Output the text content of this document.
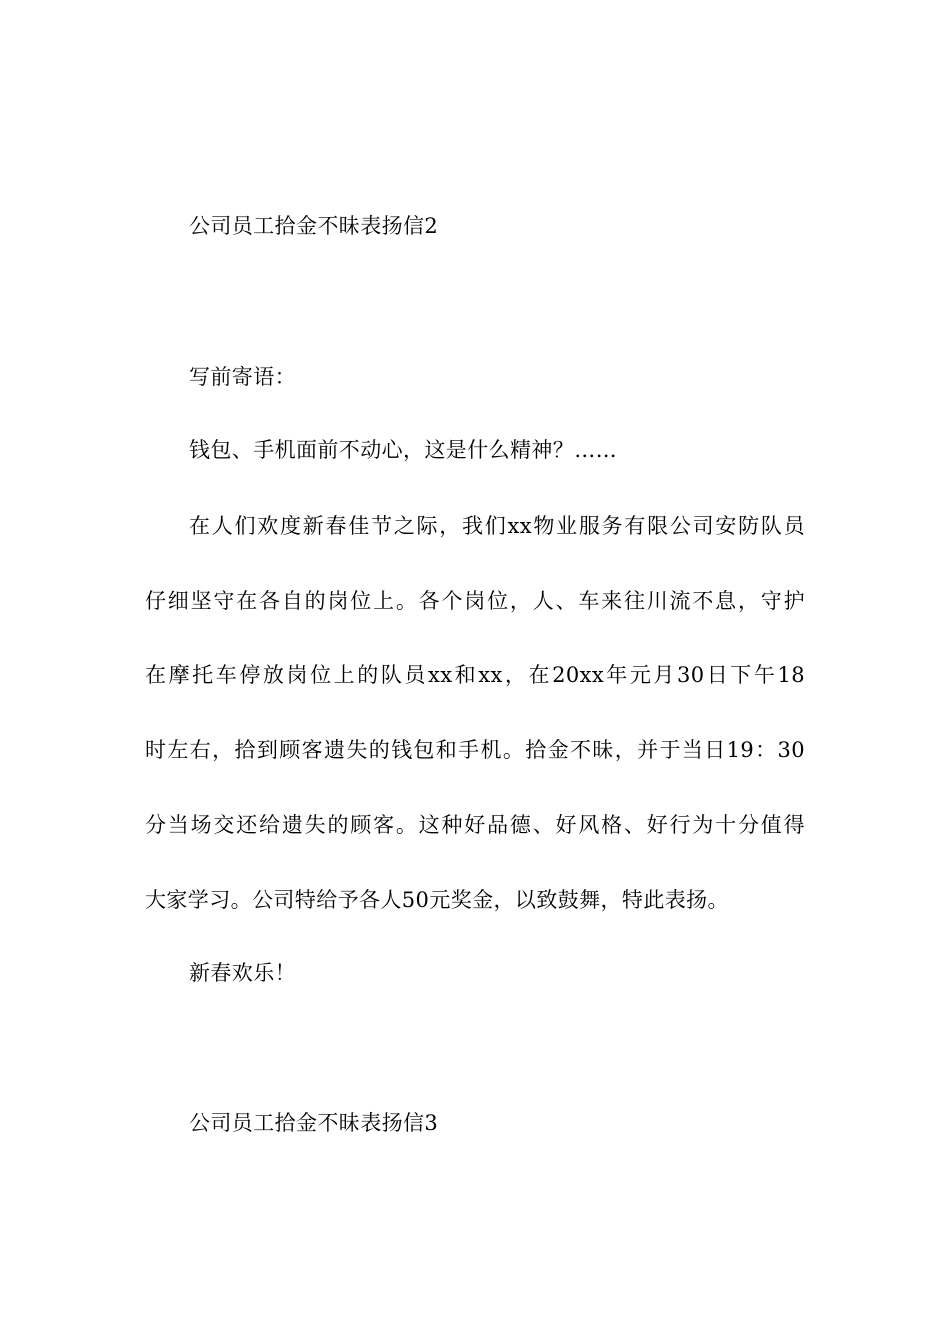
公司员工拾金不昧表扬信2
写前寄语：
钱包、手机面前不动心，这是什么精神？……
在人们欢度新春佳节之际，我们xx物业服务有限公司安防队员
仔细坚守在各自的岗位上。各个岗位，人、车来往川流不息，守护
在摩托车停放岗位上的队员xx和xx，在20xx年元月30日下午18
时左右，拾到顾客遗失的钱包和手机。拾金不昧，并于当日19：30
分当场交还给遗失的顾客。这种好品德、好风格、好行为十分值得
大家学习。公司特给予各人50元奖金，以致鼓舞，特此表扬。
新春欢乐！
公司员工拾金不昧表扬信3
